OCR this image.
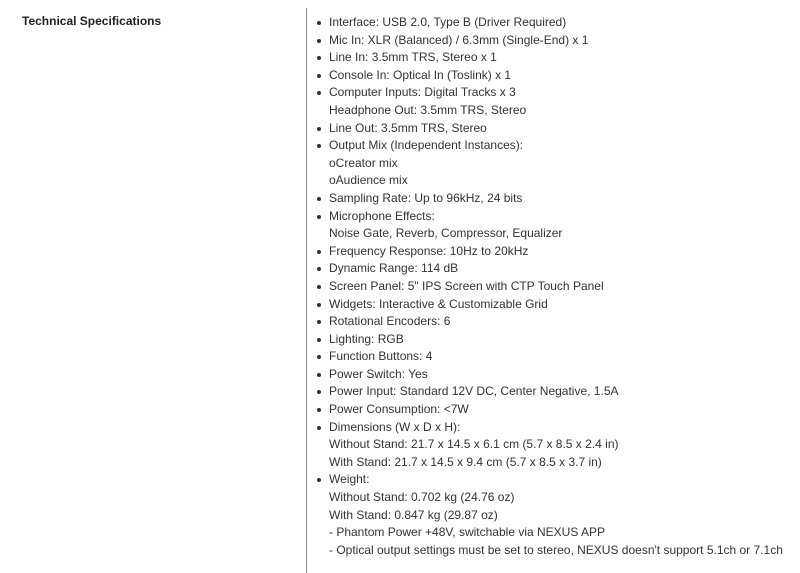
Technical Specifications	Interface: USB 2.0, Type B (Driver Required)
Mic In: XLR (Balanced) / 6.3mm (Single-End) x 1
Line In: 3.5mm TRS, Stereo x 1
Console In: Optical In (Toslink) x 1
Computer Inputs: Digital Tracks x 3
Headphone Out: 3.5mm TRS, Stereo
Line Out: 3.5mm TRS, Stereo
Output Mix (Independent Instances):
oCreator mix
oAudience mix
Sampling Rate: Up to 96kHz, 24 bits
Microphone Effects:
Noise Gate, Reverb, Compressor, Equalizer
Frequency Response: 10Hz to 20kHz
Dynamic Range: 114 dB
Screen Panel: 5" IPS Screen with CTP Touch Panel
Widgets: Interactive & Customizable Grid
Rotational Encoders: 6
Lighting: RGB
Function Buttons: 4
Power Switch: Yes
Power Input: Standard 12V DC, Center Negative, 1.5A
Power Consumption: <7W
Dimensions (W x D x H):
Without Stand: 21.7 x 14.5 x 6.1 cm (5.7 x 8.5 x 2.4 in)
With Stand: 21.7 x 14.5 x 9.4 cm (5.7 x 8.5 x 3.7 in)
Weight:
Without Stand: 0.702 kg (24.76 oz)
With Stand: 0.847 kg (29.87 oz)
- Phantom Power +48V, switchable via NEXUS APP
- Optical output settings must be set to stereo, NEXUS doesn't support 5.1ch or 7.1ch
